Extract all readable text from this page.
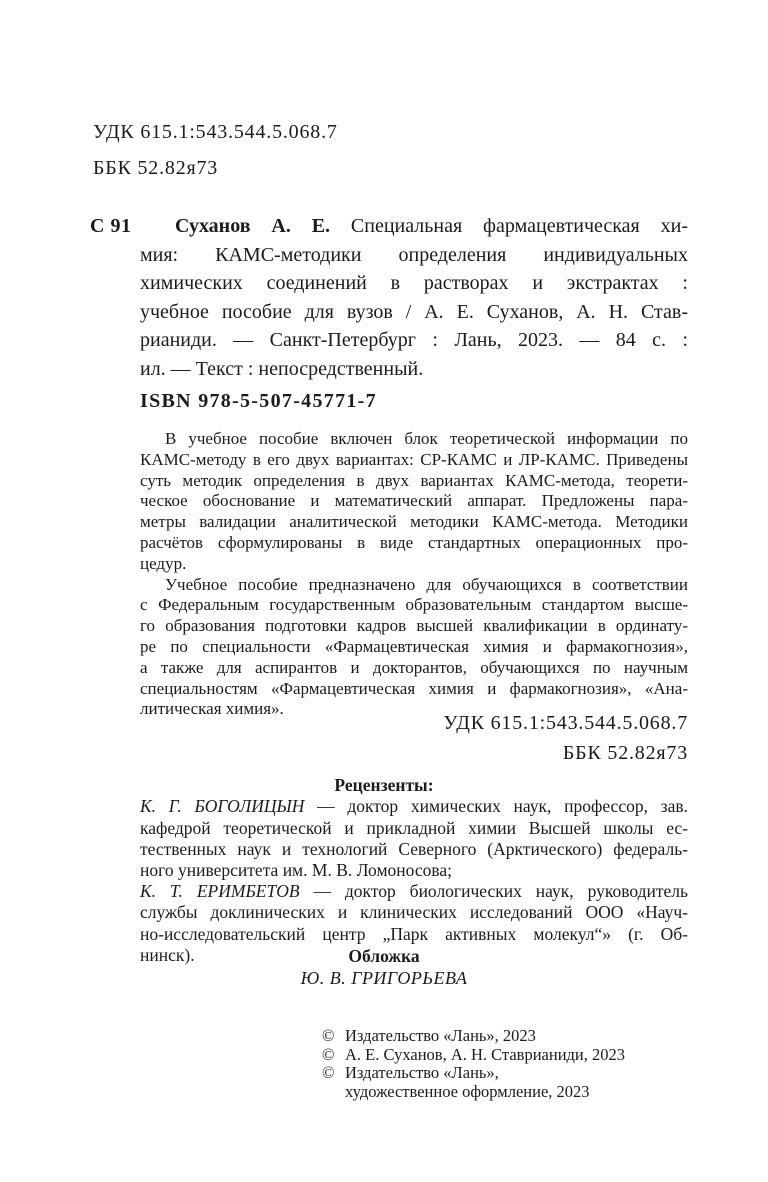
УДК 615.1:543.544.5.068.7
ББК 52.82я73
С 91	Суханов А. Е. Специальная фармацевтическая хи-
мия: КАМС-методики определения индивидуальных
химических соединений в растворах и экстрактах :
учебное пособие для вузов / А. Е. Суханов, А. Н. Став-
рианиди. — Санкт-Петербург : Лань, 2023. — 84 с. :
ил. — Текст : непосредственный.
ISBN 978-5-507-45771-7
В учебное пособие включен блок теоретической информации по
КАМС-методу в его двух вариантах: СР-КАМС и ЛР-КАМС. Приведены
суть методик определения в двух вариантах КАМС-метода, теорети-
ческое обоснование и математический аппарат. Предложены пара-
метры валидации аналитической методики КАМС-метода. Методики
расчётов сформулированы в виде стандартных операционных про-
цедур.
Учебное пособие предназначено для обучающихся в соответствии
с Федеральным государственным образовательным стандартом высше-
го образования подготовки кадров высшей квалификации в ординату-
ре по специальности «Фармацевтическая химия и фармакогнозия»,
а также для аспирантов и докторантов, обучающихся по научным
специальностям «Фармацевтическая химия и фармакогнозия», «Ана-
литическая химия».
УДК 615.1:543.544.5.068.7
ББК 52.82я73
Рецензенты:
К. Г. БОГОЛИЦЫН — доктор химических наук, профессор, зав.
кафедрой теоретической и прикладной химии Высшей школы ес-
тественных наук и технологий Северного (Арктического) федераль-
ного университета им. М. В. Ломоносова;
К. Т. ЕРИМБЕТОВ — доктор биологических наук, руководитель
службы доклинических и клинических исследований ООО «Науч-
но-исследовательский центр „Парк активных молекул“» (г. Об-
нинск).	Обложка
Ю. В. ГРИГОРЬЕВА
© Издательство «Лань», 2023
© А. Е. Суханов, А. Н. Ставрианиди, 2023
© Издательство «Лань»,
художественное оформление, 2023
